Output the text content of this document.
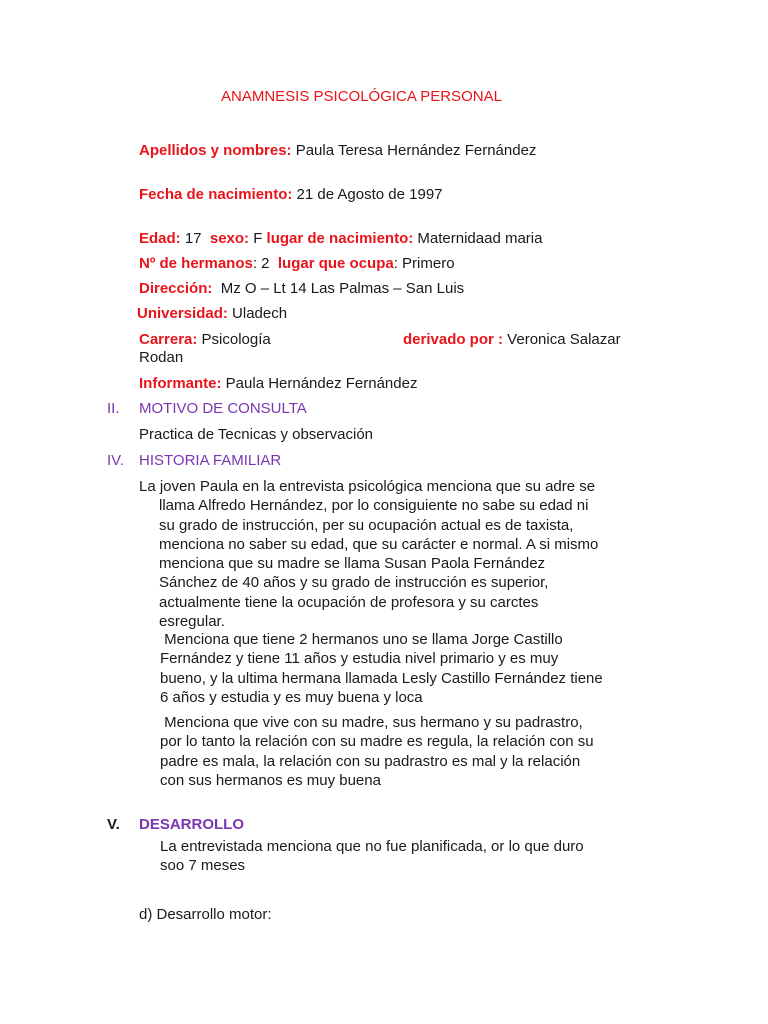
ANAMNESIS PSICOLÓGICA PERSONAL
Apellidos y nombres: Paula Teresa Hernández Fernández
Fecha de nacimiento: 21 de Agosto de 1997
Edad: 17  sexo: F lugar de nacimiento: Maternidaad maria
Nº de hermanos: 2  lugar que ocupa: Primero
Dirección:  Mz O – Lt 14 Las Palmas – San Luis
Universidad: Uladech
Carrera: Psicología	derivado por : Veronica Salazar
Rodan
Informante: Paula Hernández Fernández
II. MOTIVO DE CONSULTA
Practica de Tecnicas y observación
IV. HISTORIA FAMILIAR
La joven Paula en la entrevista psicológica menciona que su adre se
llama Alfredo Hernández, por lo consiguiente no sabe su edad ni
su grado de instrucción, per su ocupación actual es de taxista,
menciona no saber su edad, que su carácter e normal. A si mismo
menciona que su madre se llama Susan Paola Fernández
Sánchez de 40 años y su grado de instrucción es superior,
actualmente tiene la ocupación de profesora y su carctes
esregular.
Menciona que tiene 2 hermanos uno se llama Jorge Castillo
Fernández y tiene 11 años y estudia nivel primario y es muy
bueno, y la ultima hermana llamada Lesly Castillo Fernández tiene
6 años y estudia y es muy buena y loca
Menciona que vive con su madre, sus hermano y su padrastro,
por lo tanto la relación con su madre es regula, la relación con su
padre es mala, la relación con su padrastro es mal y la relación
con sus hermanos es muy buena
V. DESARROLLO
La entrevistada menciona que no fue planificada, or lo que duro
soo 7 meses
d) Desarrollo motor:
